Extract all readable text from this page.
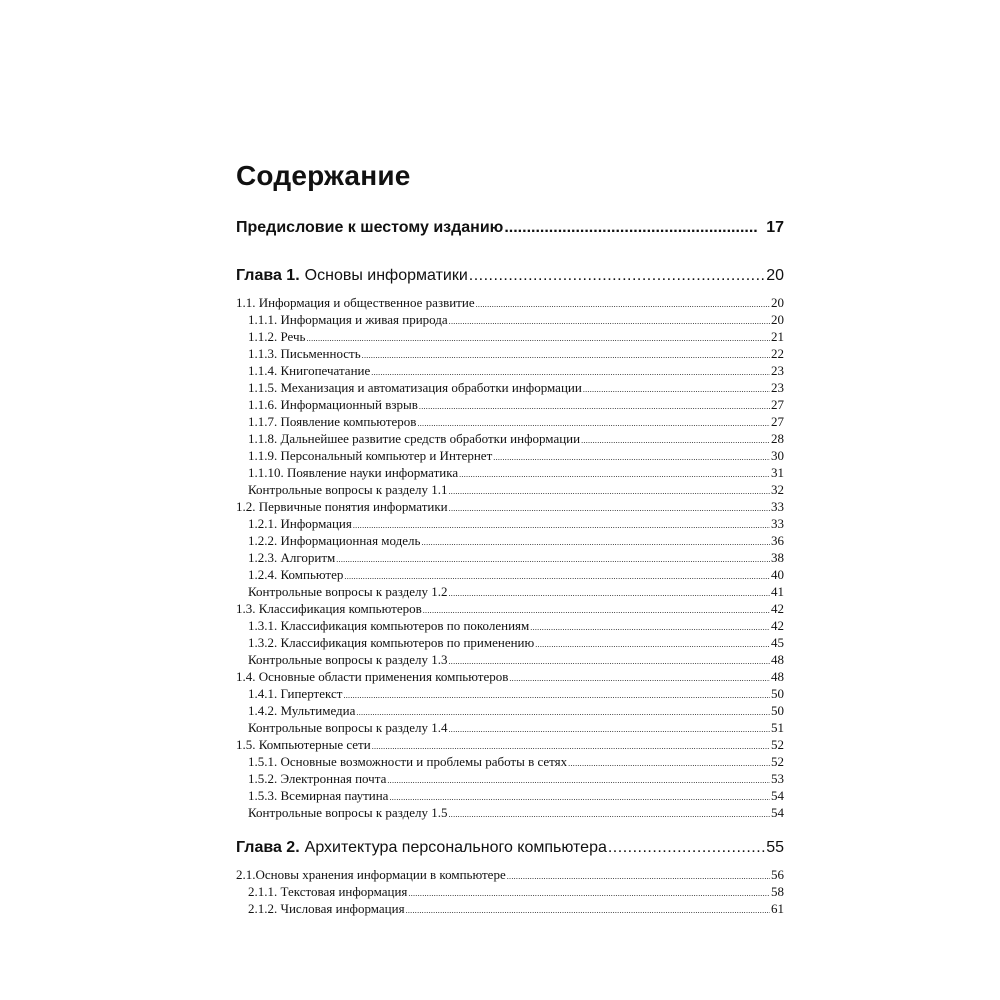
Содержание
Предисловие к шестому изданию .....	17
Глава 1. Основы информатики .....	20
1.1. Информация и общественное развитие .....	20
1.1.1. Информация и живая природа .....	20
1.1.2. Речь .....	21
1.1.3. Письменность .....	22
1.1.4. Книгопечатание .....	23
1.1.5. Механизация и автоматизация обработки информации .....	23
1.1.6. Информационный взрыв .....	27
1.1.7. Появление компьютеров .....	27
1.1.8. Дальнейшее развитие средств обработки информации .....	28
1.1.9. Персональный компьютер и Интернет .....	30
1.1.10. Появление науки информатика .....	31
Контрольные вопросы к разделу 1.1 .....	32
1.2. Первичные понятия информатики .....	33
1.2.1. Информация .....	33
1.2.2. Информационная модель .....	36
1.2.3. Алгоритм .....	38
1.2.4. Компьютер .....	40
Контрольные вопросы к разделу 1.2 .....	41
1.3. Классификация компьютеров .....	42
1.3.1. Классификация компьютеров по поколениям .....	42
1.3.2. Классификация компьютеров по применению .....	45
Контрольные вопросы к разделу 1.3 .....	48
1.4. Основные области применения компьютеров .....	48
1.4.1. Гипертекст .....	50
1.4.2. Мультимедиа .....	50
Контрольные вопросы к разделу 1.4 .....	51
1.5. Компьютерные сети .....	52
1.5.1. Основные возможности и проблемы работы в сетях .....	52
1.5.2. Электронная почта .....	53
1.5.3. Всемирная паутина .....	54
Контрольные вопросы к разделу 1.5 .....	54
Глава 2. Архитектура персонального компьютера .....	55
2.1.Основы хранения информации в компьютере .....	56
2.1.1. Текстовая информация .....	58
2.1.2. Числовая информация .....	61
